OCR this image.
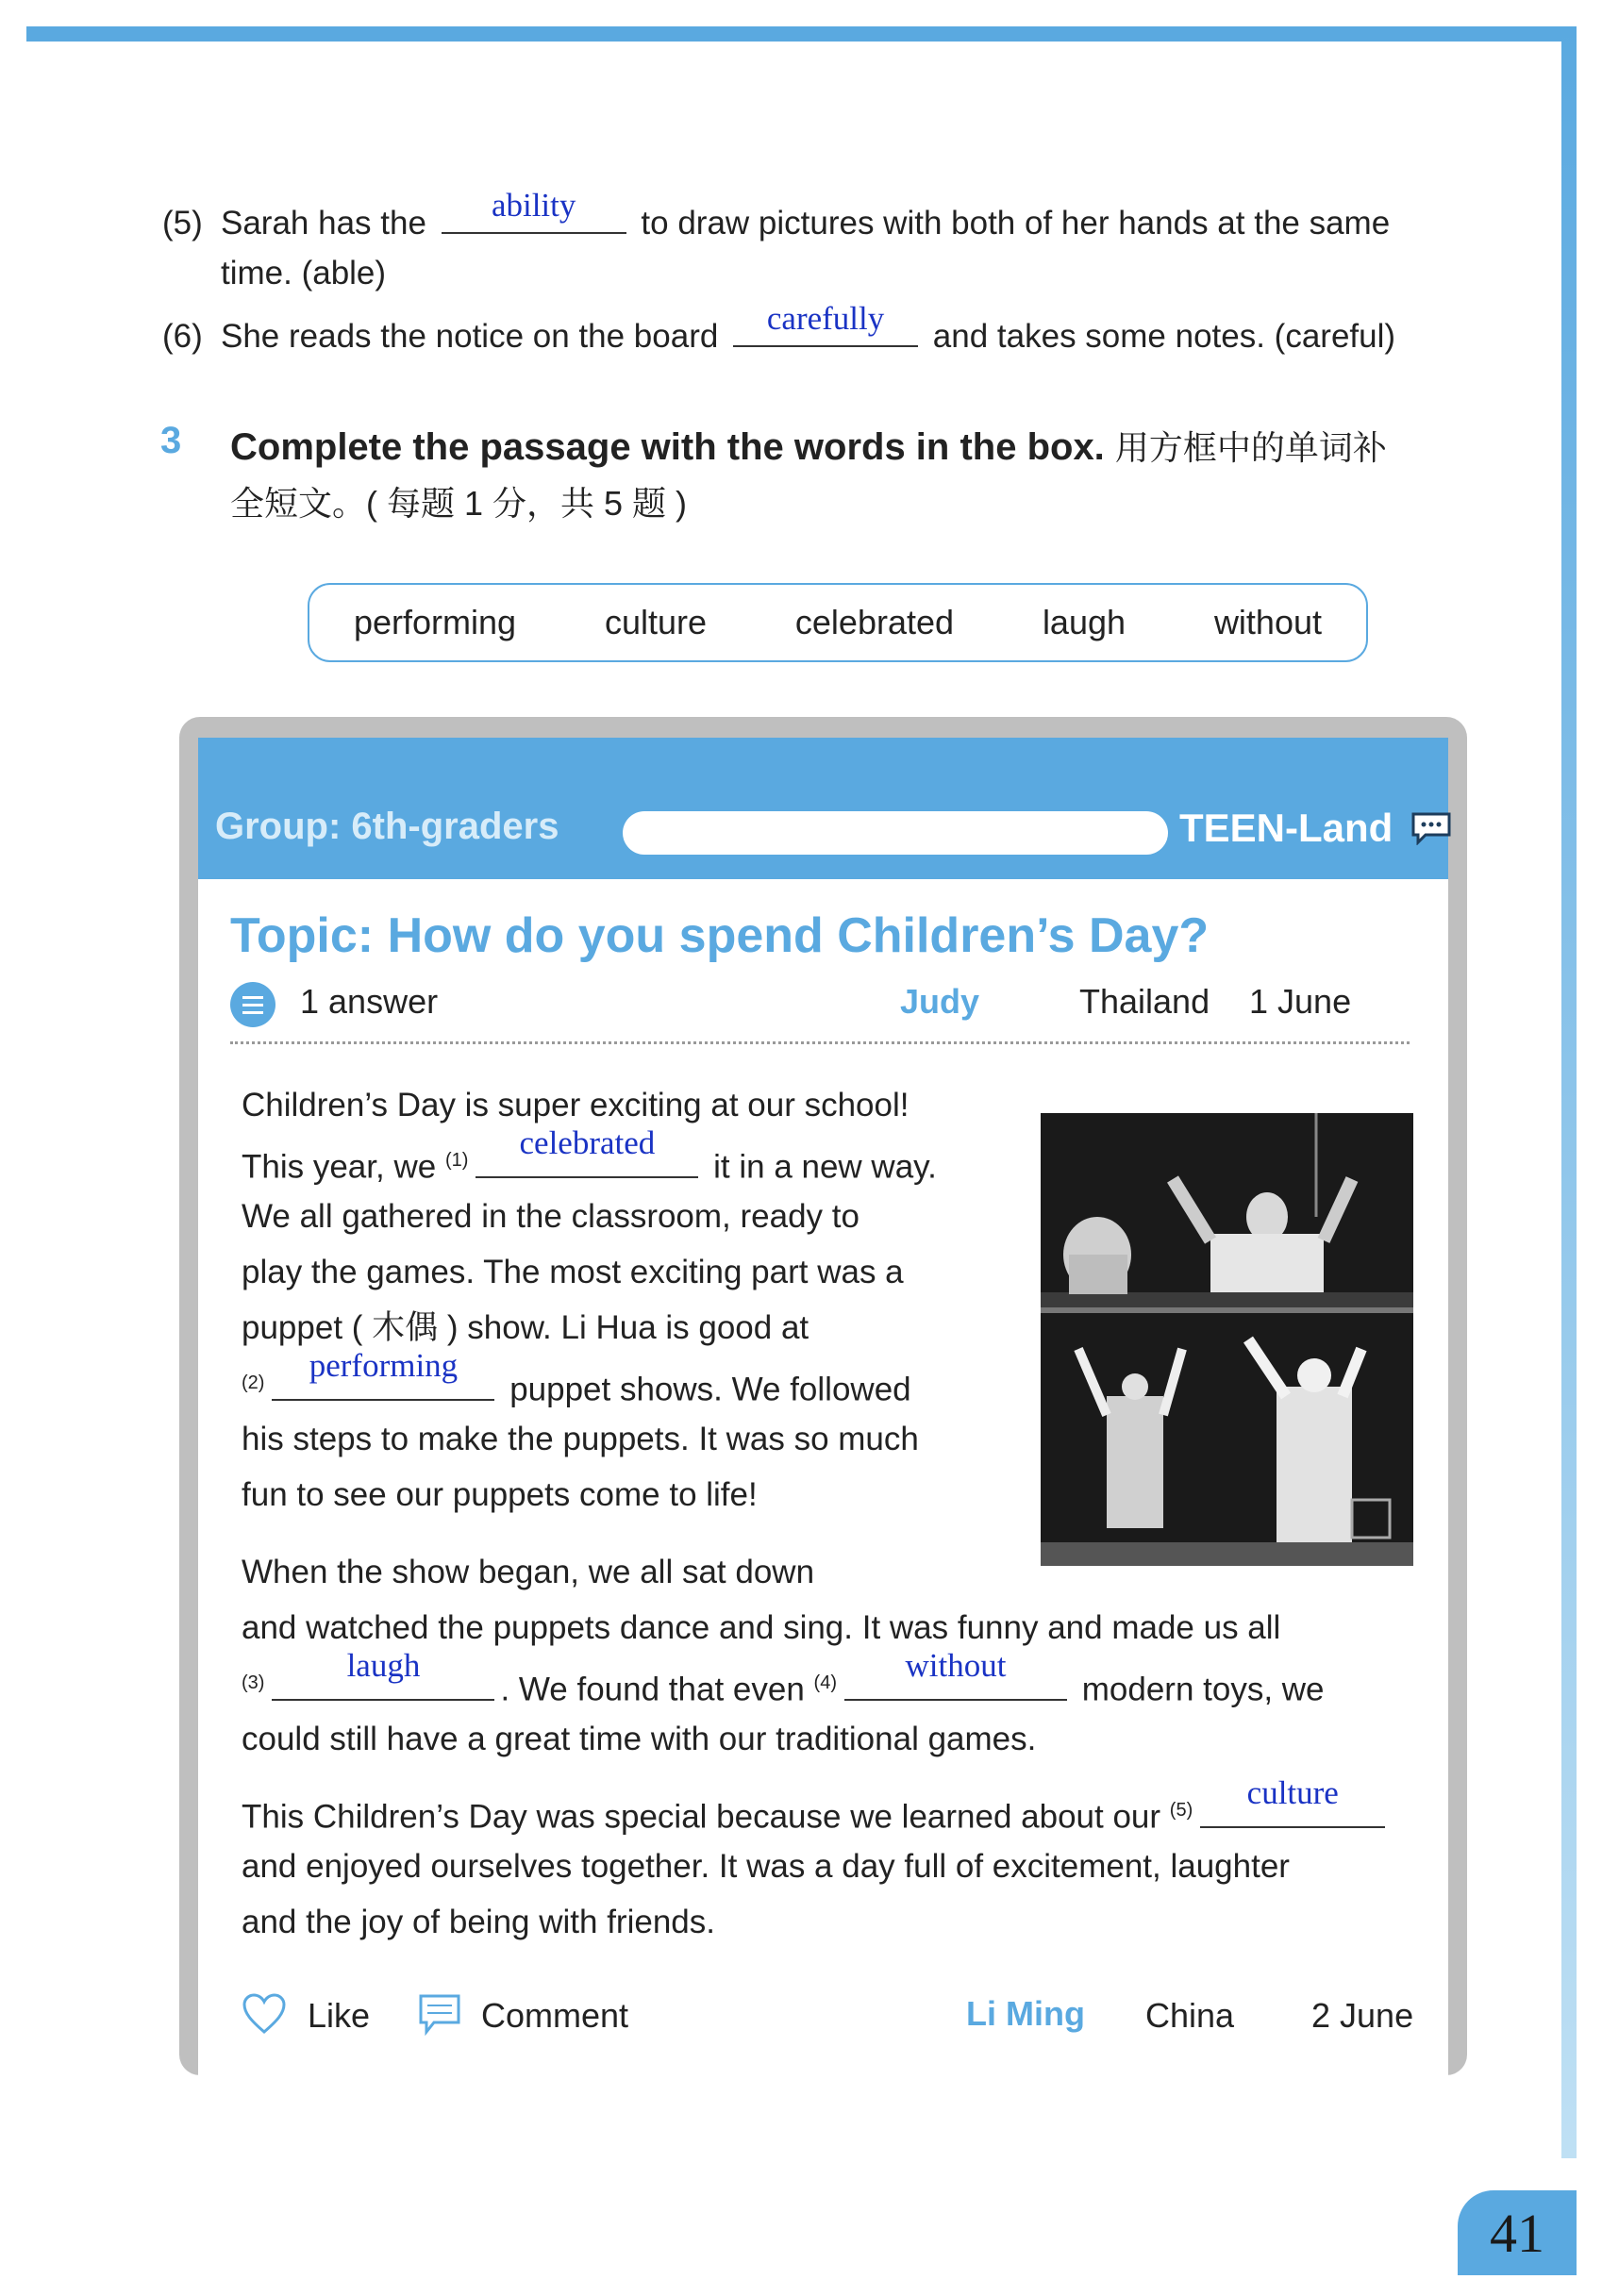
(5) Sarah has the	ability	to draw pictures with both of her hands at the same
time. (able)
(6) She reads the notice on the board	carefully	and takes some notes. (careful)
3 Complete the passage with the words in the box. 用方框中的单词补
全短文。( 每题 1 分，共 5 题 )
performing	culture	celebrated	laugh	without
Group: 6th-graders	TEEN-Land
Topic: How do you spend Children’s Day?
1 answer	Judy	Thailand 1 June
Children’s Day is super exciting at our school!
This year, we $^{(1)}$	celebrated
it in a new way.
We all gathered in the classroom, ready to
play the games. The most exciting part was a
puppet ( 木偶 ) show. Li Hua is good at
$^{(2)}$	performing
puppet shows. We followed
his steps to make the puppets. It was so much
fun to see our puppets come to life!
When the show began, we all sat down
and watched the puppets dance and sing. It was funny and made us all
$^{(3)}$	laugh
. We found that even $^{(4)}$	without
modern toys, we
could still have a great time with our traditional games.
This Children’s Day was special because we learned about our $^{(5)}$	culture
and enjoyed ourselves together. It was a day full of excitement, laughter
and the joy of being with friends.
Like	Comment	Li Ming China 2 June
41
